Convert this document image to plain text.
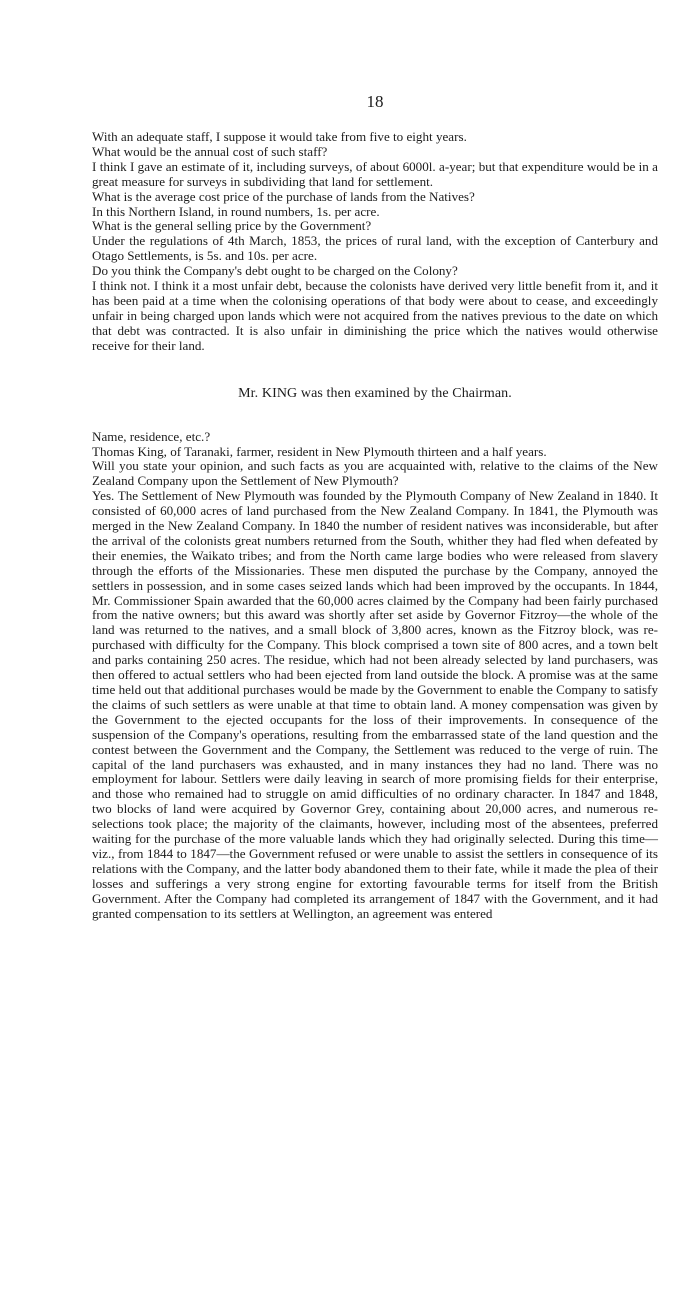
18

With an adequate staff, I suppose it would take from five to eight years.

What would be the annual cost of such staff?

I think I gave an estimate of it, including surveys, of about 6000l. a-year; but that expenditure would be in a great measure for surveys in subdividing that land for settlement.

What is the average cost price of the purchase of lands from the Natives?

In this Northern Island, in round numbers, 1s. per acre.

What is the general selling price by the Government?

Under the regulations of 4th March, 1853, the prices of rural land, with the exception of Canterbury and Otago Settlements, is 5s. and 10s. per acre.

Do you think the Company's debt ought to be charged on the Colony?

I think not. I think it a most unfair debt, because the colonists have derived very little benefit from it, and it has been paid at a time when the colonising operations of that body were about to cease, and exceedingly unfair in being charged upon lands which were not acquired from the natives previous to the date on which that debt was contracted. It is also unfair in diminishing the price which the natives would otherwise receive for their land.

Mr. KING was then examined by the Chairman.

Name, residence, etc.?

Thomas King, of Taranaki, farmer, resident in New Plymouth thirteen and a half years.

Will you state your opinion, and such facts as you are acquainted with, relative to the claims of the New Zealand Company upon the Settlement of New Plymouth?

Yes. The Settlement of New Plymouth was founded by the Plymouth Company of New Zealand in 1840. It consisted of 60,000 acres of land purchased from the New Zealand Company. In 1841, the Plymouth was merged in the New Zealand Company. In 1840 the number of resident natives was inconsiderable, but after the arrival of the colonists great numbers returned from the South, whither they had fled when defeated by their enemies, the Waikato tribes; and from the North came large bodies who were released from slavery through the efforts of the Missionaries. These men disputed the purchase by the Company, annoyed the settlers in possession, and in some cases seized lands which had been improved by the occupants. In 1844, Mr. Commissioner Spain awarded that the 60,000 acres claimed by the Company had been fairly purchased from the native owners; but this award was shortly after set aside by Governor Fitzroy—the whole of the land was returned to the natives, and a small block of 3,800 acres, known as the Fitzroy block, was re-purchased with difficulty for the Company. This block comprised a town site of 800 acres, and a town belt and parks containing 250 acres. The residue, which had not been already selected by land purchasers, was then offered to actual settlers who had been ejected from land outside the block. A promise was at the same time held out that additional purchases would be made by the Government to enable the Company to satisfy the claims of such settlers as were unable at that time to obtain land. A money compensation was given by the Government to the ejected occupants for the loss of their improvements. In consequence of the suspension of the Company's operations, resulting from the embarrassed state of the land question and the contest between the Government and the Company, the Settlement was reduced to the verge of ruin. The capital of the land purchasers was exhausted, and in many instances they had no land. There was no employment for labour. Settlers were daily leaving in search of more promising fields for their enterprise, and those who remained had to struggle on amid difficulties of no ordinary character. In 1847 and 1848, two blocks of land were acquired by Governor Grey, containing about 20,000 acres, and numerous re-selections took place; the majority of the claimants, however, including most of the absentees, preferred waiting for the purchase of the more valuable lands which they had originally selected. During this time—viz., from 1844 to 1847—the Government refused or were unable to assist the settlers in consequence of its relations with the Company, and the latter body abandoned them to their fate, while it made the plea of their losses and sufferings a very strong engine for extorting favourable terms for itself from the British Government. After the Company had completed its arrangement of 1847 with the Government, and it had granted compensation to its settlers at Wellington, an agreement was entered
